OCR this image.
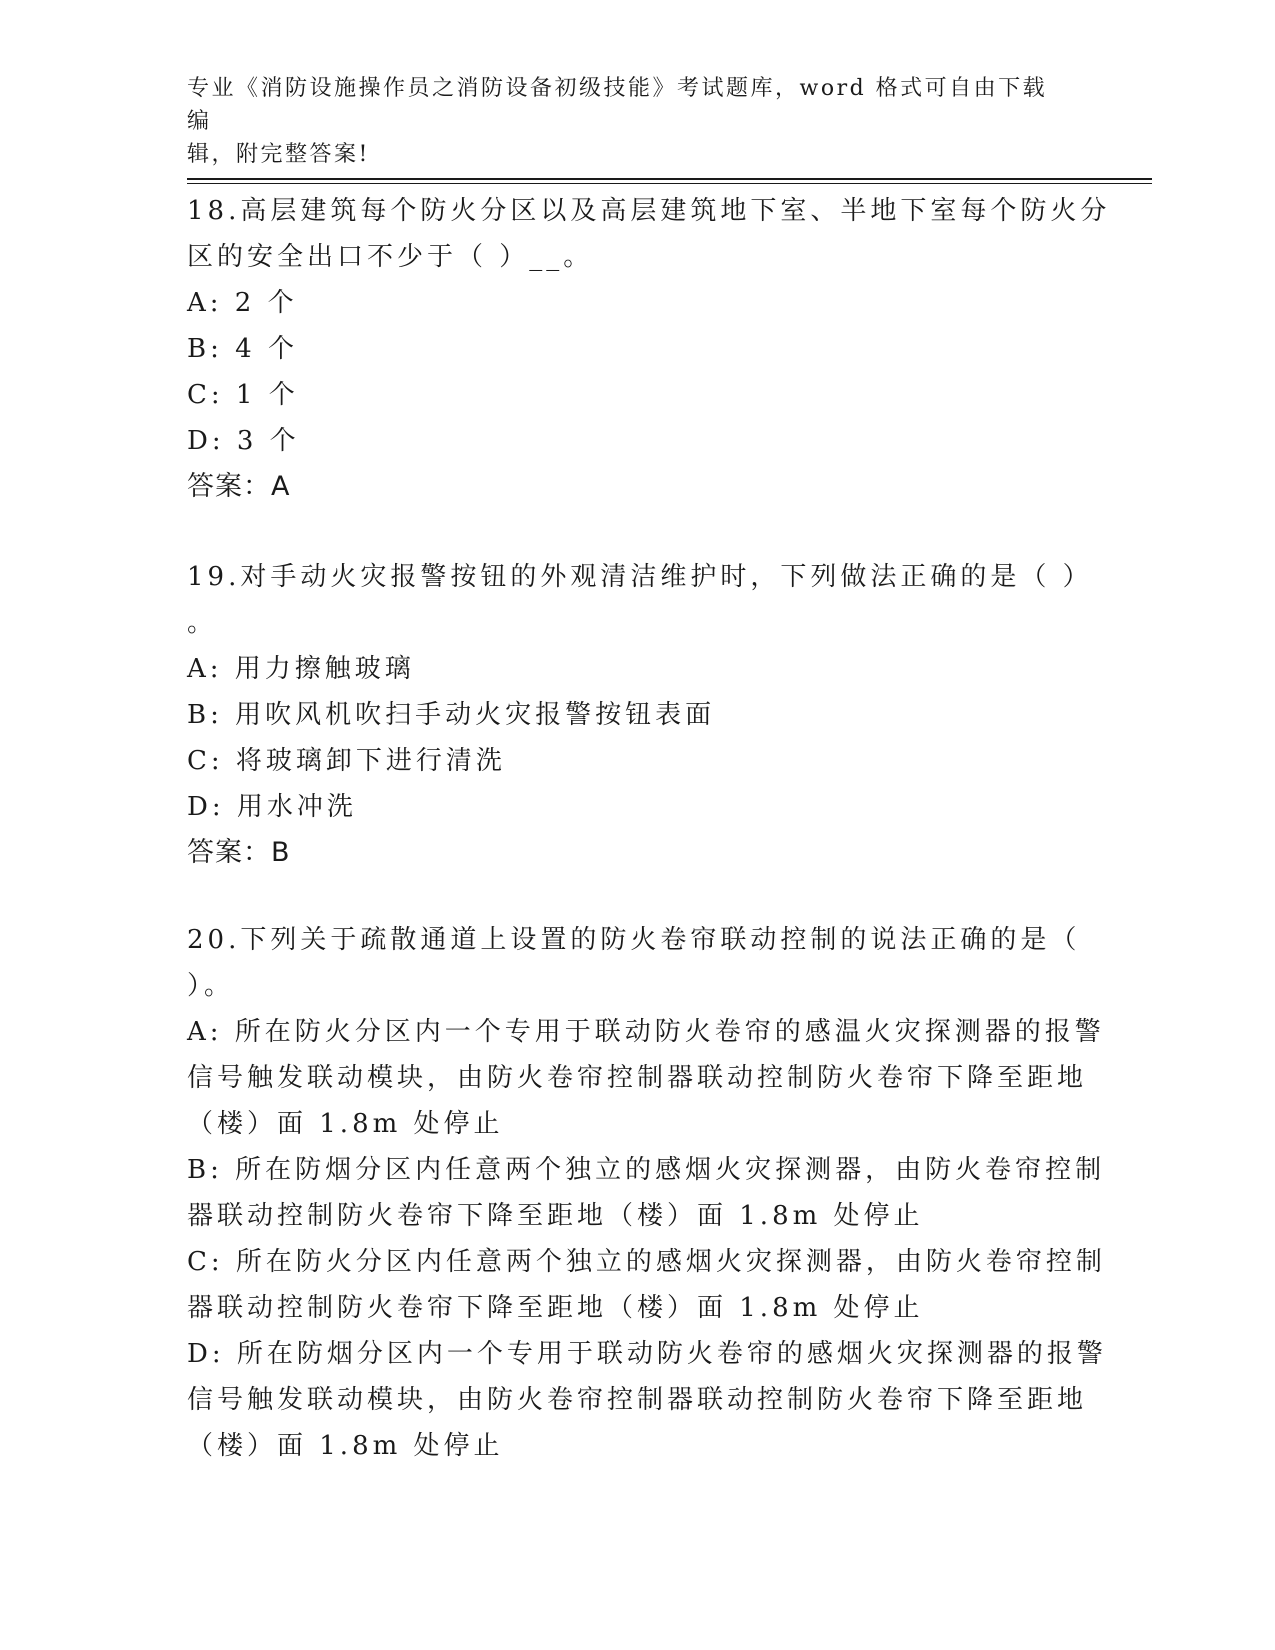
专业《消防设施操作员之消防设备初级技能》考试题库，word 格式可自由下载编
辑，附完整答案!
18.高层建筑每个防火分区以及高层建筑地下室、半地下室每个防火分
区的安全出口不少于（ ）__。
A: 2 个
B: 4 个
C: 1 个
D: 3 个
答案：A
19.对手动火灾报警按钮的外观清洁维护时，下列做法正确的是（ ）
。
A: 用力擦触玻璃
B: 用吹风机吹扫手动火灾报警按钮表面
C: 将玻璃卸下进行清洗
D: 用水冲洗
答案：B
20.下列关于疏散通道上设置的防火卷帘联动控制的说法正确的是（
）。
A: 所在防火分区内一个专用于联动防火卷帘的感温火灾探测器的报警
信号触发联动模块，由防火卷帘控制器联动控制防火卷帘下降至距地
（楼）面 1.8m 处停止
B: 所在防烟分区内任意两个独立的感烟火灾探测器，由防火卷帘控制
器联动控制防火卷帘下降至距地（楼）面 1.8m 处停止
C: 所在防火分区内任意两个独立的感烟火灾探测器，由防火卷帘控制
器联动控制防火卷帘下降至距地（楼）面 1.8m 处停止
D: 所在防烟分区内一个专用于联动防火卷帘的感烟火灾探测器的报警
信号触发联动模块，由防火卷帘控制器联动控制防火卷帘下降至距地
（楼）面 1.8m 处停止
